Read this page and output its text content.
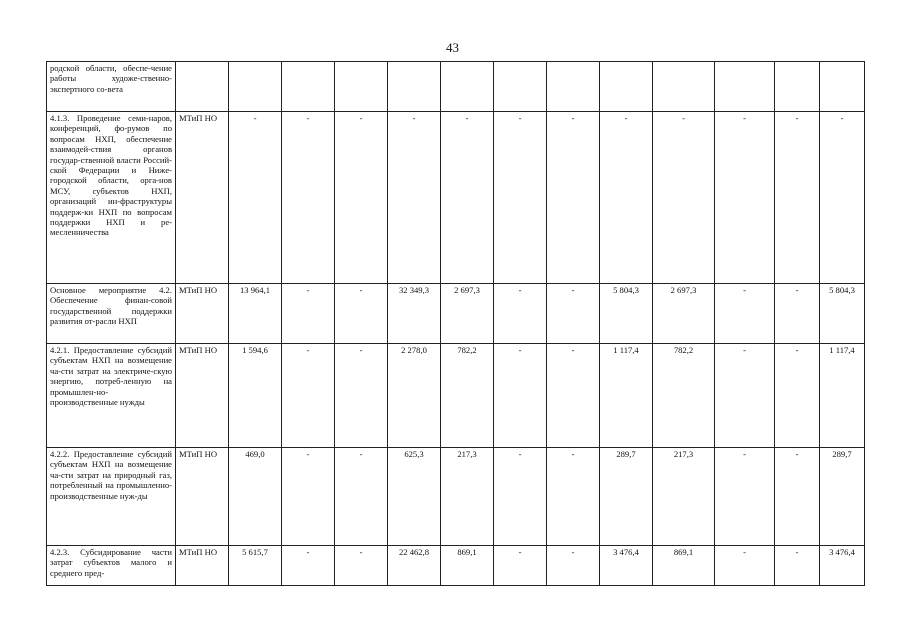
43
родской области, обеспе-чение работы художе-ственно-экспертного со-вета													
4.1.3. Проведение семи-наров, конференций, фо-румов по вопросам НХП, обеспечение взаимодей-ствия органов государ-ственной власти Россий-ской Федерации и Нижe-городской области, орга-нов МСУ, субъектов НХП, организаций ин-фраструктуры поддерж-ки НХП по вопросам поддержки НХП и ре-месленничества	МТиП НО	-	-	-	-	-	-	-	-	-	-	-	-
Основное мероприятие 4.2. Обеспечение финан-совой государственной поддержки развития от-расли НХП	МТиП НО	13 964,1	-	-	32 349,3	2 697,3	-	-	5 804,3	2 697,3	-	-	5 804,3
4.2.1. Предоставление субсидий субъектам НХП на возмещение ча-сти затрат на электриче-скую энергию, потреб-ленную на промышлен-но-производственные нужды	МТиП НО	1 594,6	-	-	2 278,0	782,2	-	-	1 117,4	782,2	-	-	1 117,4
4.2.2. Предоставление субсидий субъектам НХП на возмещение ча-сти затрат на природный газ, потребленный на промышленно-производственные нуж-ды	МТиП НО	469,0	-	-	625,3	217,3	-	-	289,7	217,3	-	-	289,7
4.2.3. Субсидирование части затрат субъектов малого и среднего пред-	МТиП НО	5 615,7	-	-	22 462,8	869,1	-	-	3 476,4	869,1	-	-	3 476,4
